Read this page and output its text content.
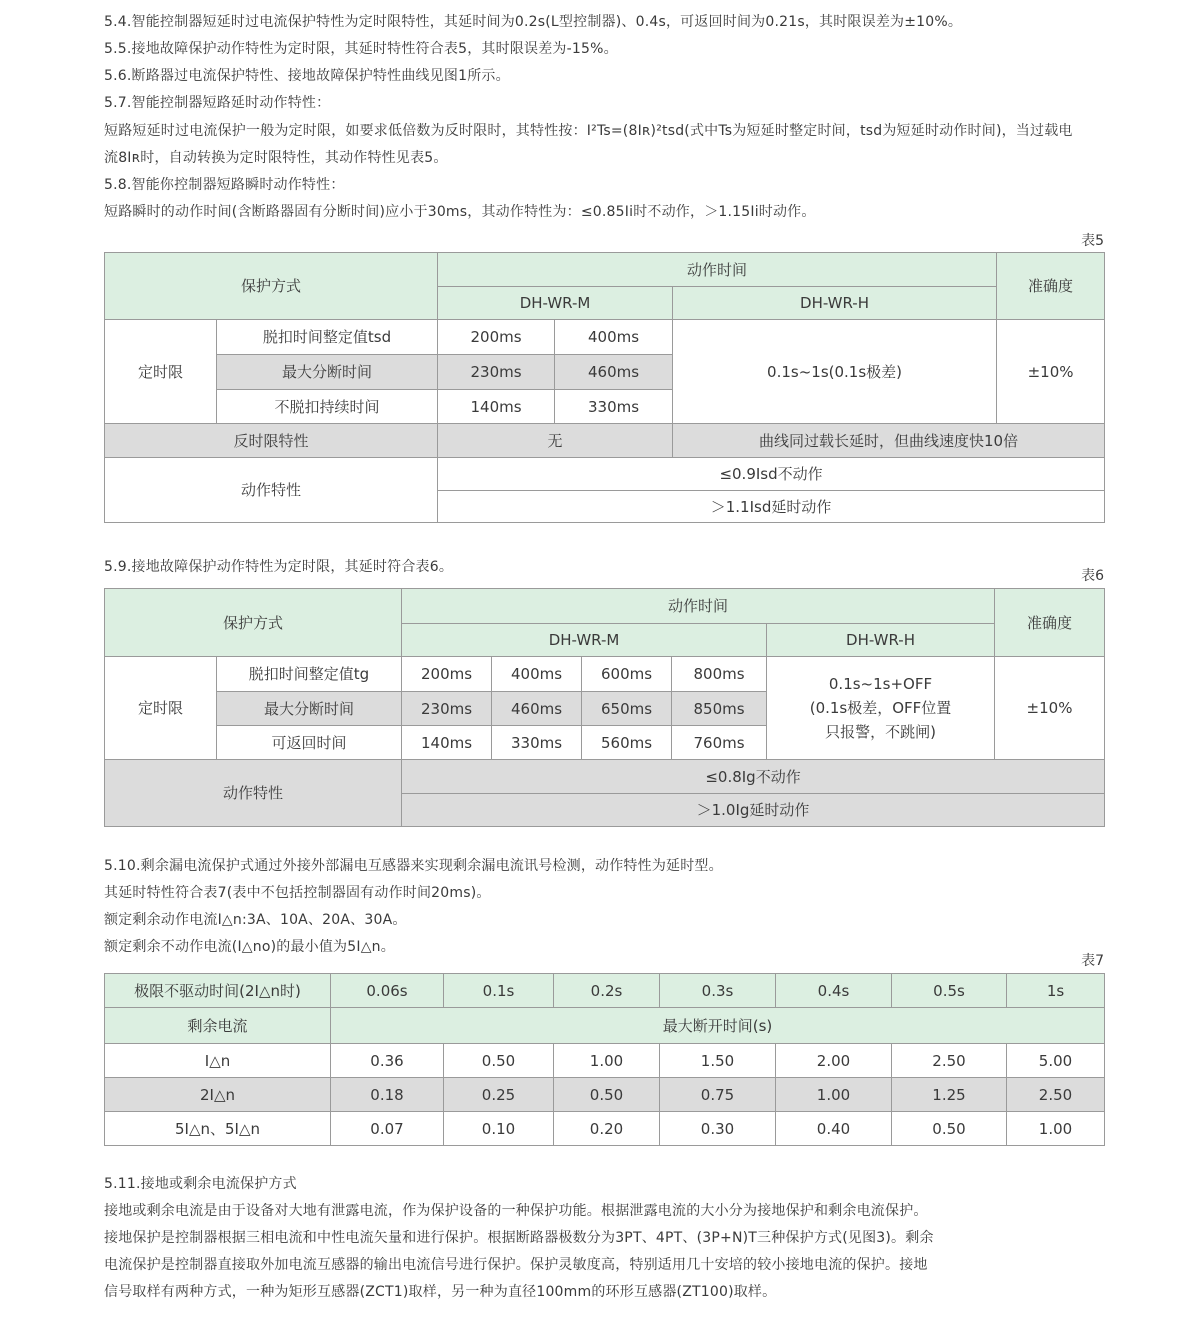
5.4.智能控制器短延时过电流保护特性为定时限特性，其延时间为0.2s(L型控制器)、0.4s，可返回时间为0.21s，其时限误差为±10%。
5.5.接地故障保护动作特性为定时限，其延时特性符合表5，其时限误差为-15%。
5.6.断路器过电流保护特性、接地故障保护特性曲线见图1所示。
5.7.智能控制器短路延时动作特性：
短路短延时过电流保护一般为定时限，如要求低倍数为反时限时，其特性按：I²Ts=(8Iʀ)²tsd(式中Ts为短延时整定时间，tsd为短延时动作时间)，当过载电
流8Iʀ时，自动转换为定时限特性，其动作特性见表5。
5.8.智能你控制器短路瞬时动作特性：
短路瞬时的动作时间(含断路器固有分断时间)应小于30ms，其动作特性为：≤0.85Ii时不动作，＞1.15Ii时动作。
表5
保护方式		动作时间			准确度
		DH-WR-M		DH-WR-H	
定时限	脱扣时间整定值tsd	200ms	400ms	0.1s~1s(0.1s极差)	±10%
	最大分断时间	230ms	460ms		
	不脱扣持续时间	140ms	330ms		
反时限特性		无		曲线同过载长延时，但曲线速度快10倍	
动作特性		≤0.9Isd不动作			
		＞1.1Isd延时动作			
5.9.接地故障保护动作特性为定时限，其延时符合表6。
表6
保护方式		动作时间					准确度
		DH-WR-M				DH-WR-H	
定时限	脱扣时间整定值tg	200ms	400ms	600ms	800ms	0.1s~1s+OFF
(0.1s极差，OFF位置
只报警，不跳闸)	±10%
	最大分断时间	230ms	460ms	650ms	850ms		
	可返回时间	140ms	330ms	560ms	760ms		
动作特性		≤0.8Ig不动作					
		＞1.0Ig延时动作					
5.10.剩余漏电流保护式通过外接外部漏电互感器来实现剩余漏电流讯号检测，动作特性为延时型。
其延时特性符合表7(表中不包括控制器固有动作时间20ms)。
额定剩余动作电流I△n:3A、10A、20A、30A。
额定剩余不动作电流(I△no)的最小值为5I△n。
表7
极限不驱动时间(2I△n时)	0.06s	0.1s	0.2s	0.3s	0.4s	0.5s	1s
剩余电流	最大断开时间(s)						
I△n	0.36	0.50	1.00	1.50	2.00	2.50	5.00
2I△n	0.18	0.25	0.50	0.75	1.00	1.25	2.50
5I△n、5I△n	0.07	0.10	0.20	0.30	0.40	0.50	1.00
5.11.接地或剩余电流保护方式
接地或剩余电流是由于设备对大地有泄露电流，作为保护设备的一种保护功能。根据泄露电流的大小分为接地保护和剩余电流保护。
接地保护是控制器根据三相电流和中性电流矢量和进行保护。根据断路器极数分为3PT、4PT、(3P+N)T三种保护方式(见图3)。剩余
电流保护是控制器直接取外加电流互感器的输出电流信号进行保护。保护灵敏度高，特别适用几十安培的较小接地电流的保护。接地
信号取样有两种方式，一种为矩形互感器(ZCT1)取样，另一种为直径100mm的环形互感器(ZT100)取样。
